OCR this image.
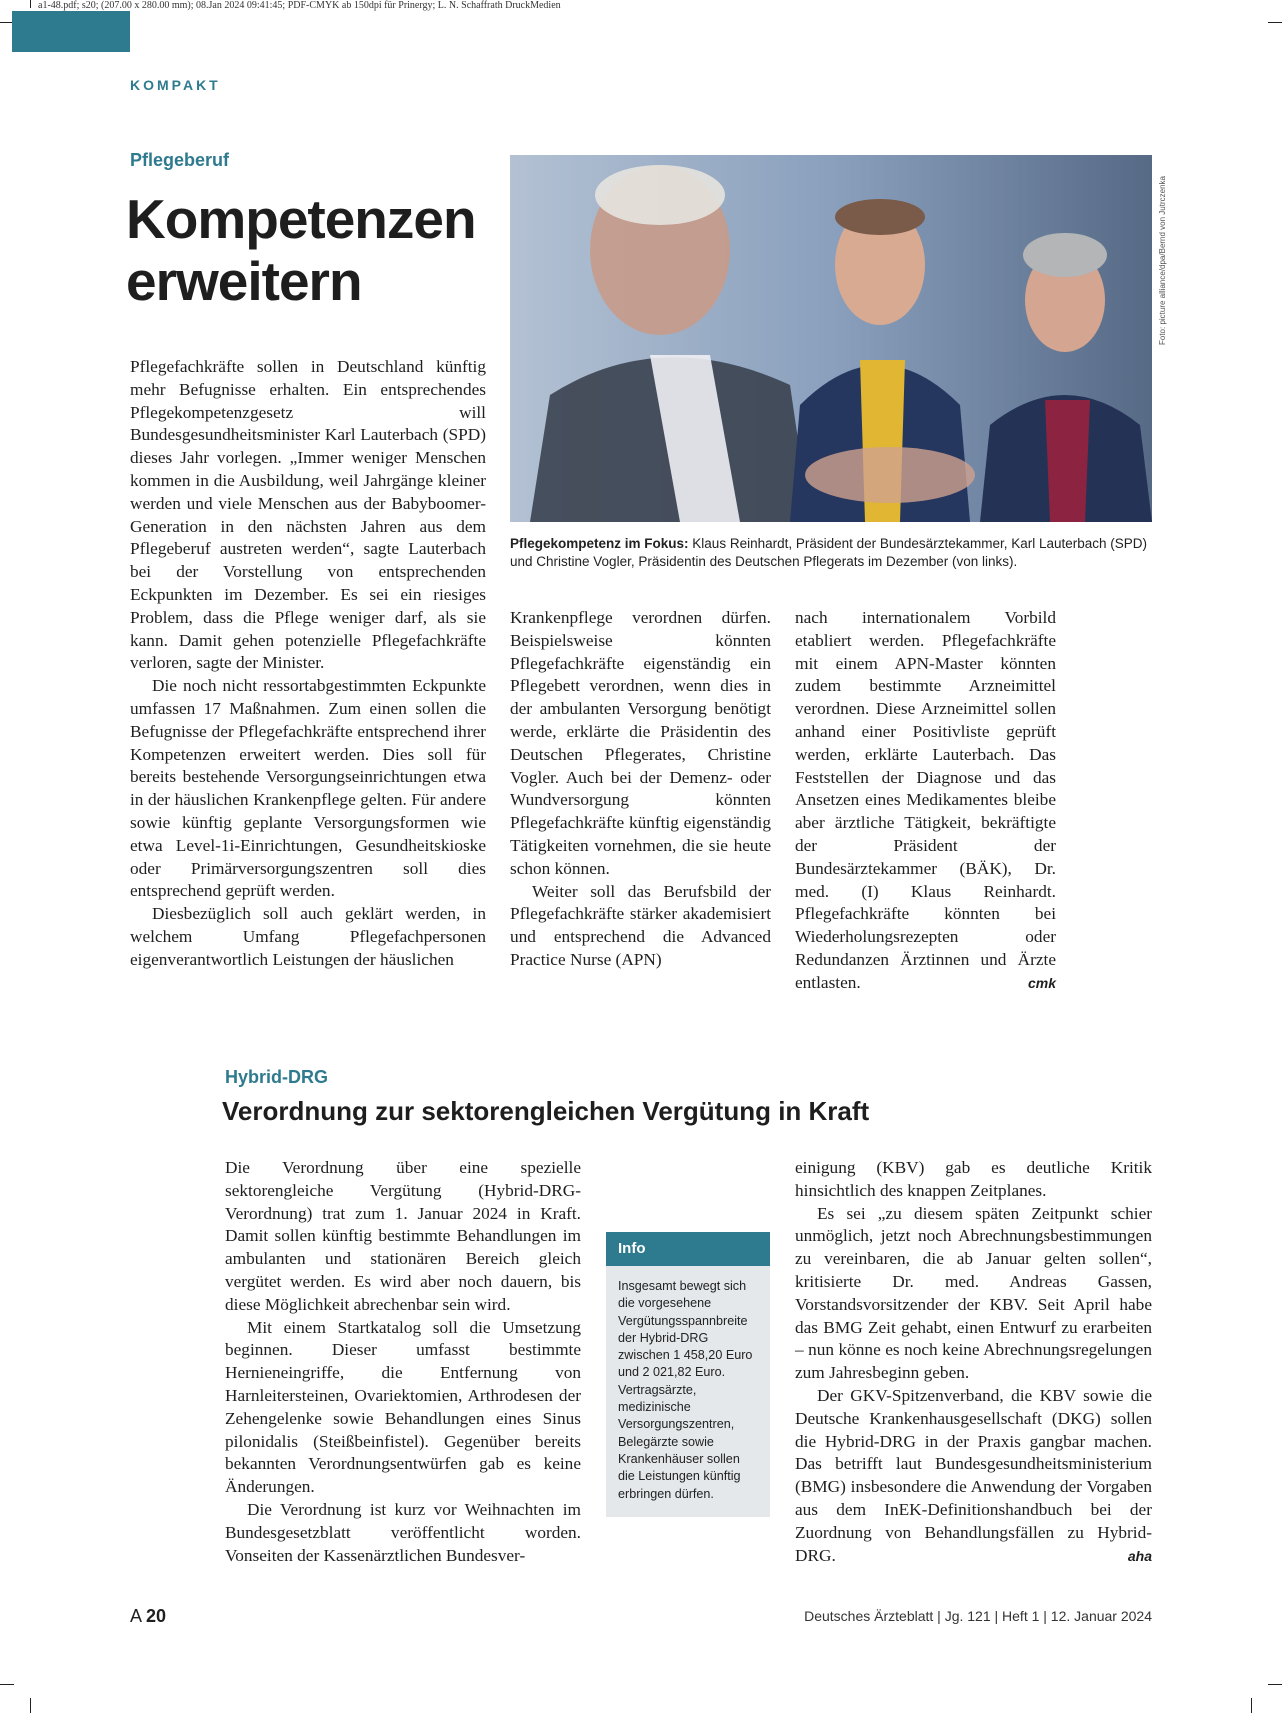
a1-48.pdf; s20; (207.00 x 280.00 mm); 08.Jan 2024 09:41:45; PDF-CMYK ab 150dpi für Prinergy; L. N. Schaffrath DruckMedien
KOMPAKT
Pflegeberuf
Kompetenzen
erweitern	Foto: picture alliance/dpa/Bernd von Jutrczenka
Pflegekompetenz im Fokus: Klaus Reinhardt, Präsident der Bundesärztekammer, Karl Lauterbach (SPD) und Christine Vogler, Präsidentin des Deutschen Pflegerats im Dezember (von links).

Pflegefachkräfte sollen in Deutschland künftig mehr Befugnisse erhalten. Ein entsprechendes Pflegekompetenzgesetz will Bundesgesundheitsminister Karl Lauterbach (SPD) dieses Jahr vorlegen. „Immer weniger Menschen kommen in die Ausbildung, weil Jahrgänge kleiner werden und viele Menschen aus der Babyboomer-Generation in den nächsten Jahren aus dem Pflegeberuf austreten werden“, sagte Lauterbach bei der Vorstellung von entsprechenden Eckpunkten im Dezember. Es sei ein riesiges Problem, dass die Pflege weniger darf, als sie kann. Damit gehen potenzielle Pflegefachkräfte verloren, sagte der Minister.

Die noch nicht ressortabgestimmten Eckpunkte umfassen 17 Maßnahmen. Zum einen sollen die Befugnisse der Pflegefachkräfte entsprechend ihrer Kompetenzen erweitert werden. Dies soll für bereits bestehende Versorgungseinrichtungen etwa in der häuslichen Krankenpflege gelten. Für andere sowie künftig geplante Versorgungsformen wie etwa Level-1i-Einrichtungen, Gesundheitskioske oder Primärversorgungszentren soll dies entsprechend geprüft werden.

Diesbezüglich soll auch geklärt werden, in welchem Umfang Pflegefachpersonen eigenverantwortlich Leistungen der häuslichen

Krankenpflege verordnen dürfen. Beispielsweise könnten Pflegefachkräfte eigenständig ein Pflegebett verordnen, wenn dies in der ambulanten Versorgung benötigt werde, erklärte die Präsidentin des Deutschen Pflegerates, Christine Vogler. Auch bei der Demenz- oder Wundversorgung könnten Pflegefachkräfte künftig eigenständig Tätigkeiten vornehmen, die sie heute schon können.

Weiter soll das Berufsbild der Pflegefachkräfte stärker akademisiert und entsprechend die Advanced Practice Nurse (APN)

nach internationalem Vorbild etabliert werden. Pflegefachkräfte mit einem APN-Master könnten zudem bestimmte Arzneimittel verordnen. Diese Arzneimittel sollen anhand einer Positivliste geprüft werden, erklärte Lauterbach. Das Feststellen der Diagnose und das Ansetzen eines Medikamentes bleibe aber ärztliche Tätigkeit, bekräftigte der Präsident der Bundesärztekammer (BÄK), Dr. med. (I) Klaus Reinhardt. Pflegefachkräfte könnten bei Wiederholungsrezepten oder Redundanzen Ärztinnen und Ärzte entlasten.	cmk

Hybrid-DRG
Verordnung zur sektorengleichen Vergütung in Kraft

Die Verordnung über eine spezielle sektorengleiche Vergütung (Hybrid-DRG-Verordnung) trat zum 1. Januar 2024 in Kraft. Damit sollen künftig bestimmte Behandlungen im ambulanten und stationären Bereich gleich vergütet werden. Es wird aber noch dauern, bis diese Möglichkeit abrechenbar sein wird.

Mit einem Startkatalog soll die Umsetzung beginnen. Dieser umfasst bestimmte Hernieneingriffe, die Entfernung von Harnleitersteinen, Ovariektomien, Arthrodesen der Zehengelenke sowie Behandlungen eines Sinus pilonidalis (Steißbeinfistel). Gegenüber bereits bekannten Verordnungsentwürfen gab es keine Änderungen.

Die Verordnung ist kurz vor Weihnachten im Bundesgesetzblatt veröffentlicht worden. Vonseiten der Kassenärztlichen Bundesver-

Info
Insgesamt bewegt sich die vorgesehene Vergütungsspannbreite der Hybrid-DRG zwischen 1 458,20 Euro und 2 021,82 Euro. Vertragsärzte, medizinische Versorgungszentren, Belegärzte sowie Krankenhäuser sollen die Leistungen künftig erbringen dürfen.

einigung (KBV) gab es deutliche Kritik hinsichtlich des knappen Zeitplanes.

Es sei „zu diesem späten Zeitpunkt schier unmöglich, jetzt noch Abrechnungsbestimmungen zu vereinbaren, die ab Januar gelten sollen“, kritisierte Dr. med. Andreas Gassen, Vorstandsvorsitzender der KBV. Seit April habe das BMG Zeit gehabt, einen Entwurf zu erarbeiten – nun könne es noch keine Abrechnungsregelungen zum Jahresbeginn geben.

Der GKV-Spitzenverband, die KBV sowie die Deutsche Krankenhausgesellschaft (DKG) sollen die Hybrid-DRG in der Praxis gangbar machen. Das betrifft laut Bundesgesundheitsministerium (BMG) insbesondere die Anwendung der Vorgaben aus dem InEK-Definitionshandbuch bei der Zuordnung von Behandlungsfällen zu Hybrid-DRG.	aha

A 20	Deutsches Ärzteblatt | Jg. 121 | Heft 1 | 12. Januar 2024
